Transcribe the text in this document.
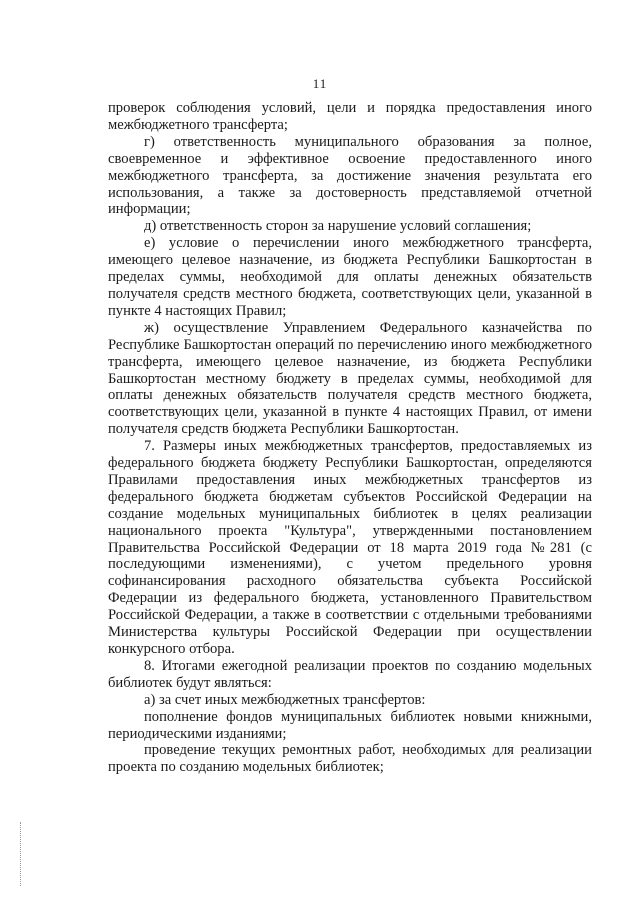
11

проверок соблюдения условий, цели и порядка предоставления иного межбюджетного трансферта;

г) ответственность муниципального образования за полное, своевременное и эффективное освоение предоставленного иного межбюджетного трансферта, за достижение значения результата его использования, а также за достоверность представляемой отчетной информации;

д) ответственность сторон за нарушение условий соглашения;

е) условие о перечислении иного межбюджетного трансферта, имеющего целевое назначение, из бюджета Республики Башкортостан в пределах суммы, необходимой для оплаты денежных обязательств получателя средств местного бюджета, соответствующих цели, указанной в пункте 4 настоящих Правил;

ж) осуществление Управлением Федерального казначейства по Республике Башкортостан операций по перечислению иного межбюджетного трансферта, имеющего целевое назначение, из бюджета Республики Башкортостан местному бюджету в пределах суммы, необходимой для оплаты денежных обязательств получателя средств местного бюджета, соответствующих цели, указанной в пункте 4 настоящих Правил, от имени получателя средств бюджета Республики Башкортостан.

7. Размеры иных межбюджетных трансфертов, предоставляемых из федерального бюджета бюджету Республики Башкортостан, определяются Правилами предоставления иных межбюджетных трансфертов из федерального бюджета бюджетам субъектов Российской Федерации на создание модельных муниципальных библиотек в целях реализации национального проекта "Культура", утвержденными постановлением Правительства Российской Федерации от 18 марта 2019 года №281 (с последующими изменениями), с учетом предельного уровня софинансирования расходного обязательства субъекта Российской Федерации из федерального бюджета, установленного Правительством Российской Федерации, а также в соответствии с отдельными требованиями Министерства культуры Российской Федерации при осуществлении конкурсного отбора.

8. Итогами ежегодной реализации проектов по созданию модельных библиотек будут являться:

а) за счет иных межбюджетных трансфертов:

пополнение фондов муниципальных библиотек новыми книжными, периодическими изданиями;

проведение текущих ремонтных работ, необходимых для реализации проекта по созданию модельных библиотек;
